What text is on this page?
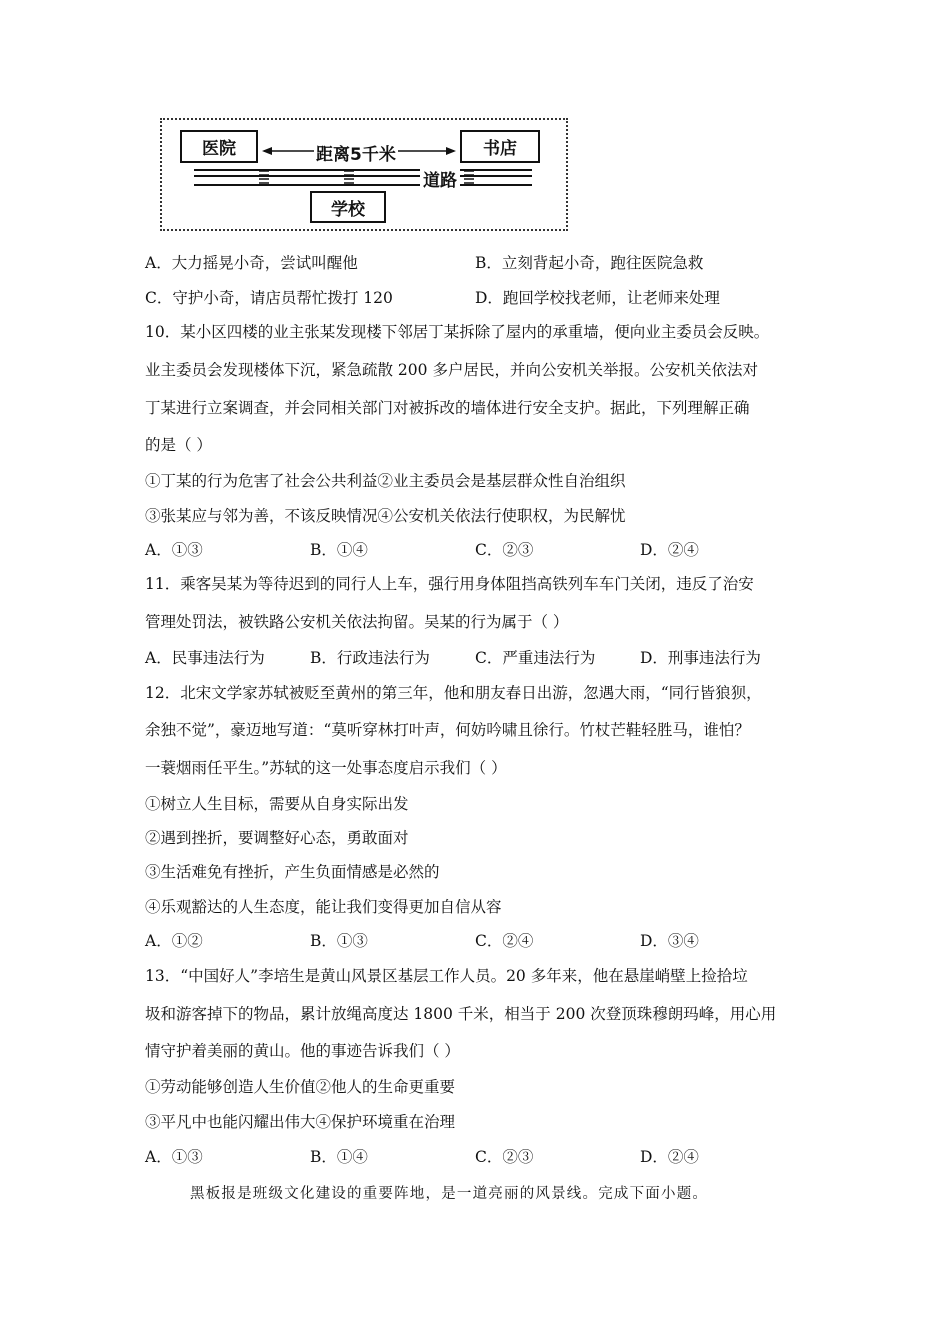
医院	书店
距离5千米
道路
学校
A．大力摇晃小奇，尝试叫醒他	B．立刻背起小奇，跑往医院急救
C．守护小奇，请店员帮忙拨打 120	D．跑回学校找老师，让老师来处理
10．某小区四楼的业主张某发现楼下邻居丁某拆除了屋内的承重墙，便向业主委员会反映。
业主委员会发现楼体下沉，紧急疏散 200 多户居民，并向公安机关举报。公安机关依法对
丁某进行立案调查，并会同相关部门对被拆改的墙体进行安全支护。据此，下列理解正确
的是（ ）
①丁某的行为危害了社会公共利益②业主委员会是基层群众性自治组织
③张某应与邻为善，不该反映情况④公安机关依法行使职权，为民解忧
A．①③	B．①④	C．②③	D．②④
11．乘客吴某为等待迟到的同行人上车，强行用身体阻挡高铁列车车门关闭，违反了治安
管理处罚法，被铁路公安机关依法拘留。吴某的行为属于（ ）
A．民事违法行为	B．行政违法行为	C．严重违法行为	D．刑事违法行为
12．北宋文学家苏轼被贬至黄州的第三年，他和朋友春日出游，忽遇大雨，“同行皆狼狈，
余独不觉”，豪迈地写道：“莫听穿林打叶声，何妨吟啸且徐行。竹杖芒鞋轻胜马，谁怕？
一蓑烟雨任平生。”苏轼的这一处事态度启示我们（ ）
①树立人生目标，需要从自身实际出发
②遇到挫折，要调整好心态，勇敢面对
③生活难免有挫折，产生负面情感是必然的
④乐观豁达的人生态度，能让我们变得更加自信从容
A．①②	B．①③	C．②④	D．③④
13．“中国好人”李培生是黄山风景区基层工作人员。20 多年来，他在悬崖峭壁上捡拾垃
圾和游客掉下的物品，累计放绳高度达 1800 千米，相当于 200 次登顶珠穆朗玛峰，用心用
情守护着美丽的黄山。他的事迹告诉我们（ ）
①劳动能够创造人生价值②他人的生命更重要
③平凡中也能闪耀出伟大④保护环境重在治理
A．①③	B．①④	C．②③	D．②④
黑板报是班级文化建设的重要阵地，是一道亮丽的风景线。完成下面小题。
